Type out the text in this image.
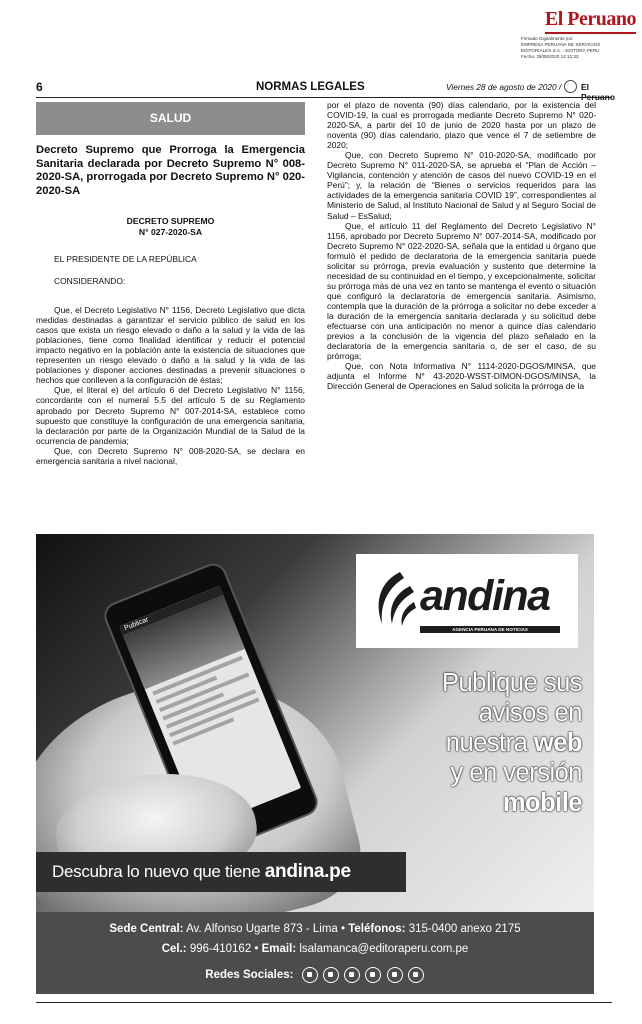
El Peruano
Firmado Digitalmente por:
EMPRESA PERUANA DE SERVICIOS
EDITORIALES S.A. - EDITORA PERU
Fecha: 28/08/2020 12:12:33
6	NORMAS LEGALES	Viernes 28 de agosto de 2020 / El Peruano
SALUD
Decreto Supremo que Prorroga la Emergencia Sanitaria declarada por Decreto Supremo N° 008-2020-SA, prorrogada por Decreto Supremo N° 020-2020-SA
DECRETO SUPREMO
N° 027-2020-SA
EL PRESIDENTE DE LA REPÚBLICA
CONSIDERANDO:
Que, el Decreto Legislativo N° 1156, Decreto Legislativo que dicta medidas destinadas a garantizar el servicio público de salud en los casos que exista un riesgo elevado o daño a la salud y la vida de las poblaciones, tiene como finalidad identificar y reducir el potencial impacto negativo en la población ante la existencia de situaciones que representen un riesgo elevado o daño a la salud y la vida de las poblaciones y disponer acciones destinadas a prevenir situaciones o hechos que conlleven a la configuración de éstas;
Que, el literal e) del artículo 6 del Decreto Legislativo N° 1156, concordante con el numeral 5.5 del artículo 5 de su Reglamento aprobado por Decreto Supremo N° 007-2014-SA, establece como supuesto que constituye la configuración de una emergencia sanitaria, la declaración por parte de la Organización Mundial de la Salud de la ocurrencia de pandemia;
Que, con Decreto Supremo N° 008-2020-SA, se declara en emergencia sanitaria a nivel nacional,
por el plazo de noventa (90) días calendario, por la existencia del COVID-19, la cual es prorrogada mediante Decreto Supremo N° 020-2020-SA, a partir del 10 de junio de 2020 hasta por un plazo de noventa (90) días calendario, plazo que vence el 7 de setiembre de 2020;
Que, con Decreto Supremo N° 010-2020-SA, modificado por Decreto Supremo N° 011-2020-SA, se aprueba el “Plan de Acción – Vigilancia, contención y atención de casos del nuevo COVID-19 en el Perú”; y, la relación de “Bienes o servicios requeridos para las actividades de la emergencia sanitaria COVID 19”, correspondientes al Ministerio de Salud, al Instituto Nacional de Salud y al Seguro Social de Salud – EsSalud;
Que, el artículo 11 del Reglamento del Decreto Legislativo N° 1156, aprobado por Decreto Supremo N° 007-2014-SA, modificado por Decreto Supremo N° 022-2020-SA, señala que la entidad u órgano que formuló el pedido de declaratoria de la emergencia sanitaria puede solicitar su prórroga, previa evaluación y sustento que determine la necesidad de su continuidad en el tiempo, y excepcionalmente, solicitar su prórroga más de una vez en tanto se mantenga el evento o situación que configuró la declaratoria de emergencia sanitaria. Asimismo, contempla que la duración de la prórroga a solicitar no debe exceder a la duración de la emergencia sanitaria declarada y su solicitud debe efectuarse con una anticipación no menor a quince días calendario previos a la conclusión de la vigencia del plazo señalado en la declaratoria de la emergencia sanitaria o, de ser el caso, de su prórroga;
Que, con Nota Informativa N° 1114-2020-DGOS/MINSA, que adjunta el Informe N° 43-2020-WSST-DIMON-DGOS/MINSA, la Dirección General de Operaciones en Salud solicita la prórroga de la
Publicar
andina
AGENCIA PERUANA DE NOTICIAS
Publique sus
avisos en
nuestra web
y en versión
mobile
Descubra lo nuevo que tiene andina.pe
Sede Central: Av. Alfonso Ugarte 873 - Lima • Teléfonos: 315-0400 anexo 2175
Cel.: 996-410162 • Email: lsalamanca@editoraperu.com.pe
Redes Sociales:
